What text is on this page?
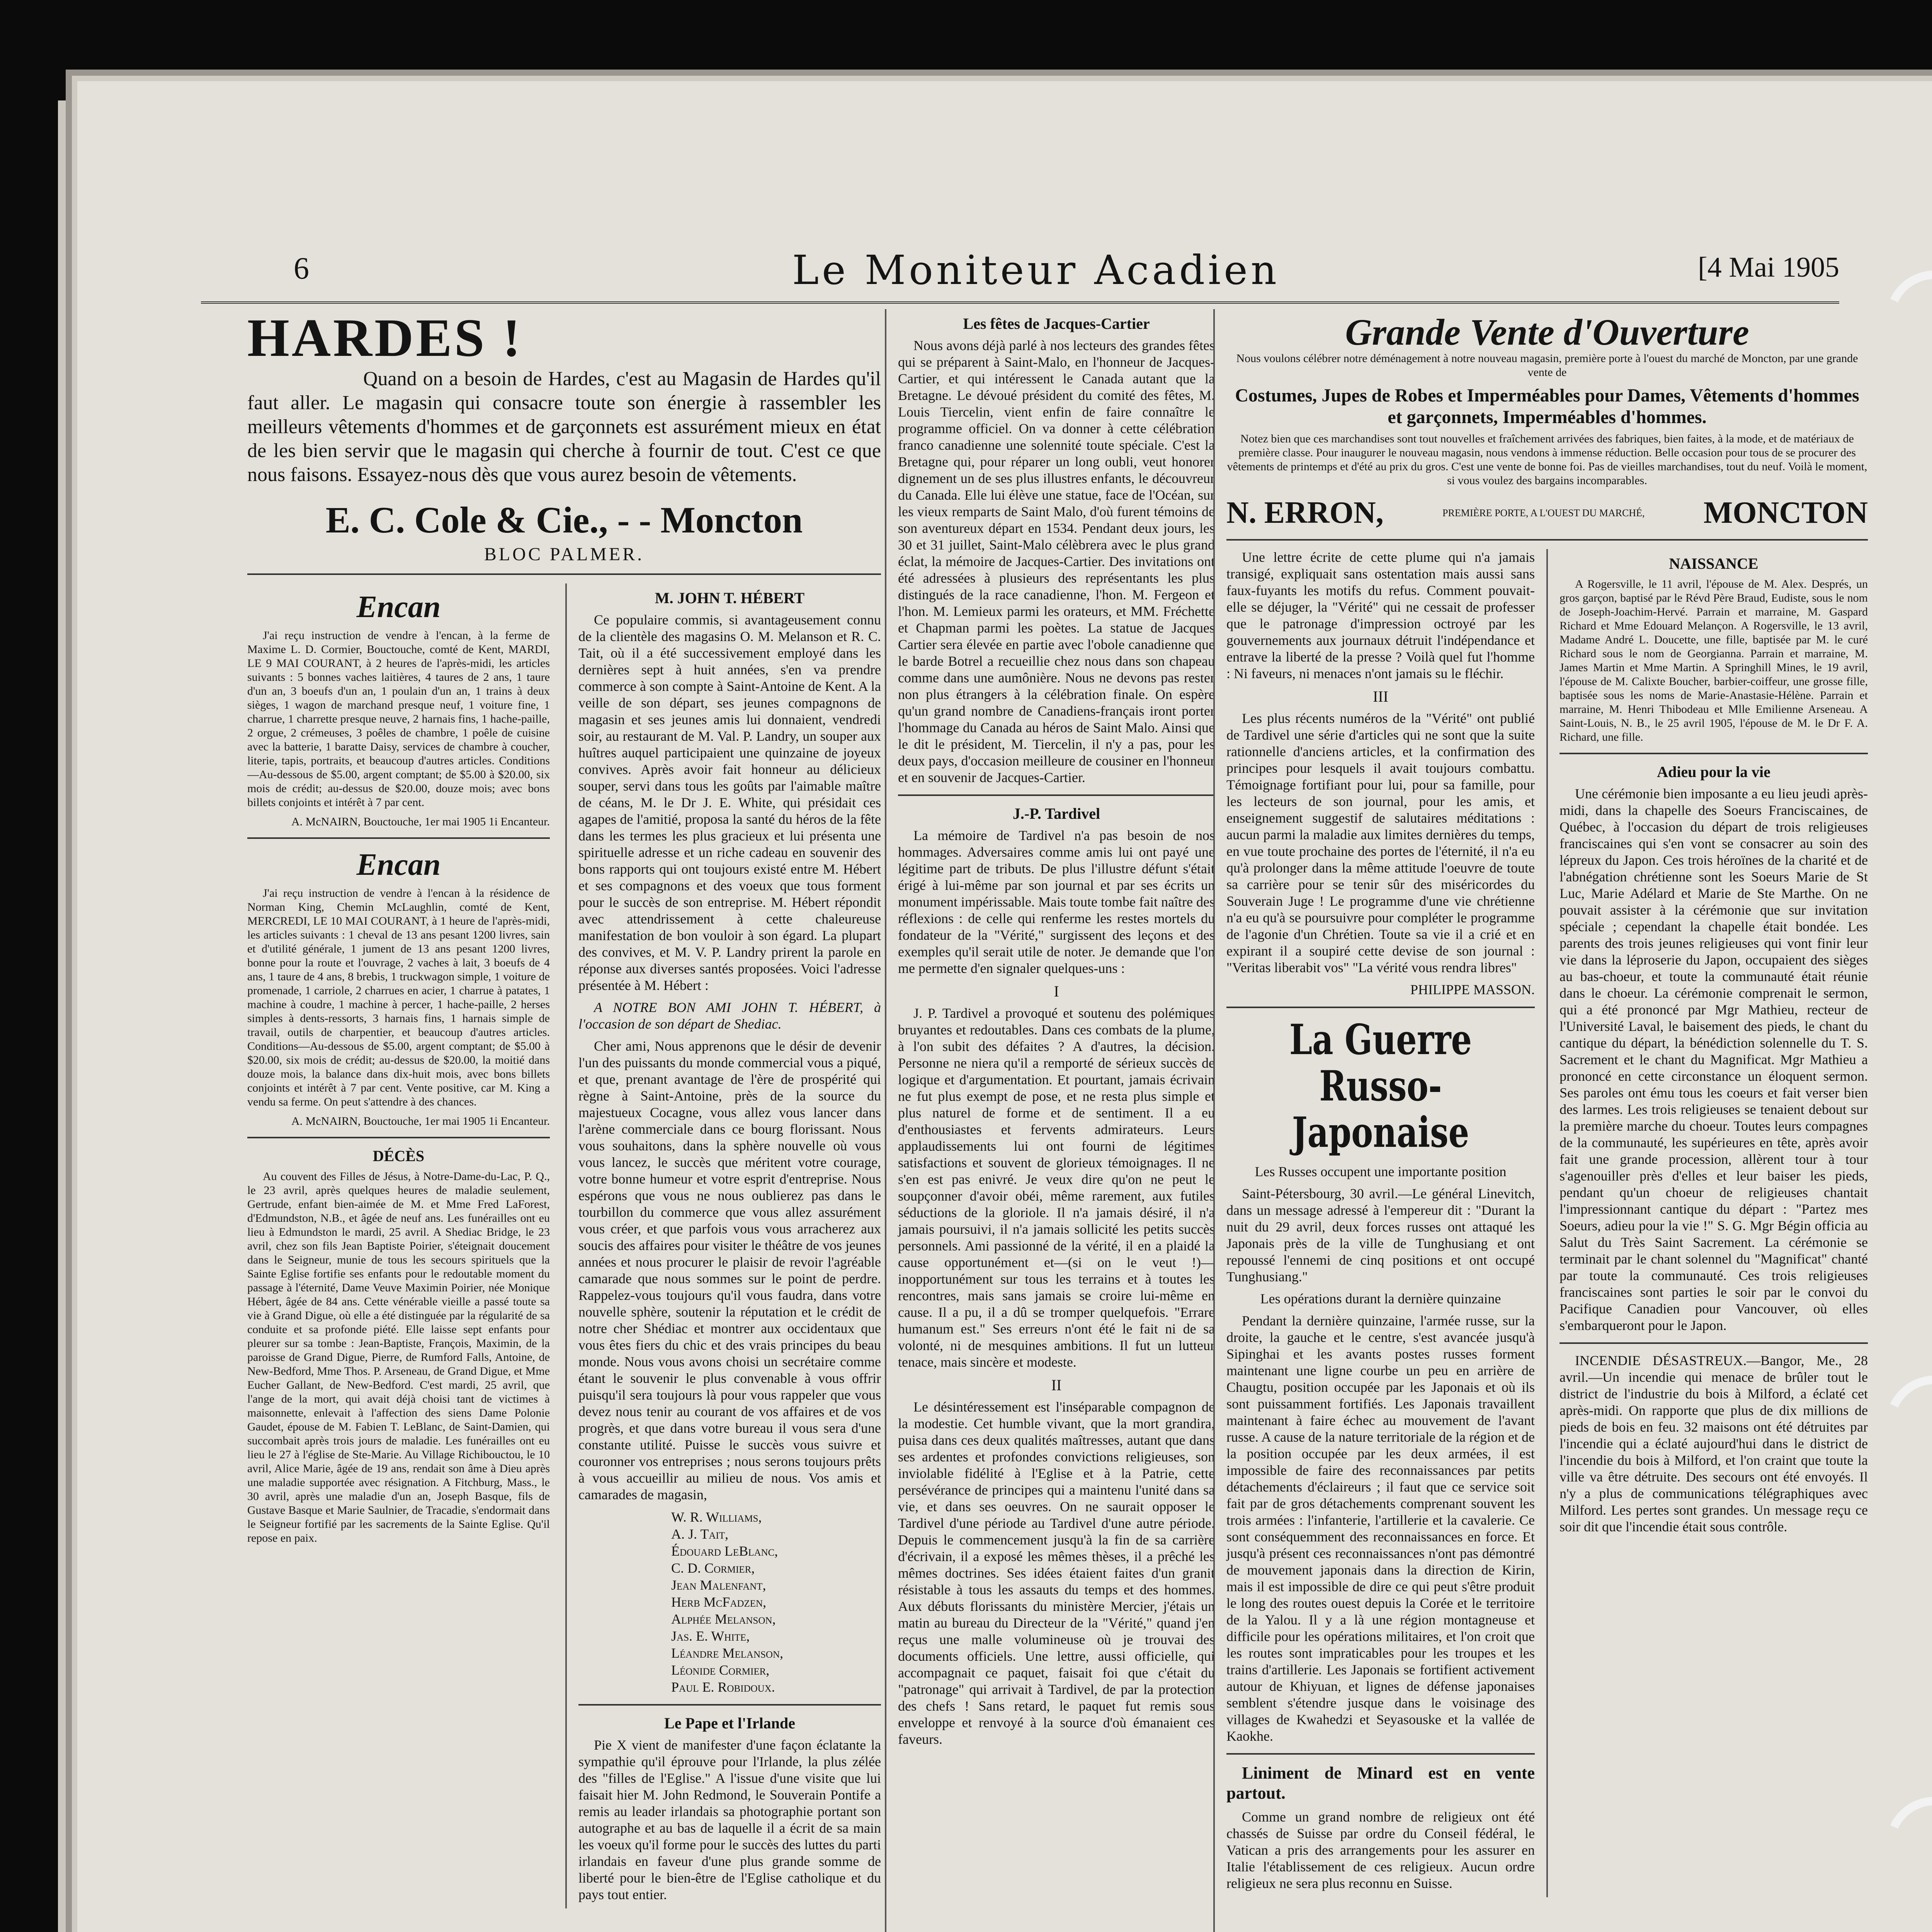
6	Le Moniteur Acadien	[4 Mai 1905
HARDES !

Quand on a besoin de Hardes, c'est au Magasin de Hardes qu'il faut aller. Le magasin qui consacre toute son énergie à rassembler les meilleurs vêtements d'hommes et de garçonnets est assurément mieux en état de les bien servir que le magasin qui cherche à fournir de tout. C'est ce que nous faisons. Essayez-nous dès que vous aurez besoin de vêtements.

E. C. Cole & Cie., - - Moncton
BLOC PALMER.
Encan

J'ai reçu instruction de vendre à l'encan, à la ferme de Maxime L. D. Cormier, Bouctouche, comté de Kent, MARDI, LE 9 MAI COURANT, à 2 heures de l'après-midi, les articles suivants : 5 bonnes vaches laitières, 4 taures de 2 ans, 1 taure d'un an, 3 boeufs d'un an, 1 poulain d'un an, 1 trains à deux sièges, 1 wagon de marchand presque neuf, 1 voiture fine, 1 charrue, 1 charrette presque neuve, 2 harnais fins, 1 hache-paille, 2 orgue, 2 crémeuses, 3 poêles de chambre, 1 poêle de cuisine avec la batterie, 1 baratte Daisy, services de chambre à coucher, literie, tapis, portraits, et beaucoup d'autres articles. Conditions—Au-dessous de $5.00, argent comptant; de $5.00 à $20.00, six mois de crédit; au-dessus de $20.00, douze mois; avec bons billets conjoints et intérêt à 7 par cent.

A. McNAIRN, Bouctouche, 1er mai 1905 1i Encanteur.

Encan

J'ai reçu instruction de vendre à l'encan à la résidence de Norman King, Chemin McLaughlin, comté de Kent, MERCREDI, LE 10 MAI COURANT, à 1 heure de l'après-midi, les articles suivants : 1 cheval de 13 ans pesant 1200 livres, sain et d'utilité générale, 1 jument de 13 ans pesant 1200 livres, bonne pour la route et l'ouvrage, 2 vaches à lait, 3 boeufs de 4 ans, 1 taure de 4 ans, 8 brebis, 1 truckwagon simple, 1 voiture de promenade, 1 carriole, 2 charrues en acier, 1 charrue à patates, 1 machine à coudre, 1 machine à percer, 1 hache-paille, 2 herses simples à dents-ressorts, 3 harnais fins, 1 harnais simple de travail, outils de charpentier, et beaucoup d'autres articles. Conditions—Au-dessous de $5.00, argent comptant; de $5.00 à $20.00, six mois de crédit; au-dessus de $20.00, la moitié dans douze mois, la balance dans dix-huit mois, avec bons billets conjoints et intérêt à 7 par cent. Vente positive, car M. King a vendu sa ferme. On peut s'attendre à des chances.

A. McNAIRN, Bouctouche, 1er mai 1905 1i Encanteur.

DÉCÈS

Au couvent des Filles de Jésus, à Notre-Dame-du-Lac, P. Q., le 23 avril, après quelques heures de maladie seulement, Gertrude, enfant bien-aimée de M. et Mme Fred LaForest, d'Edmundston, N.B., et âgée de neuf ans. Les funérailles ont eu lieu à Edmundston le mardi, 25 avril. A Shediac Bridge, le 23 avril, chez son fils Jean Baptiste Poirier, s'éteignait doucement dans le Seigneur, munie de tous les secours spirituels que la Sainte Eglise fortifie ses enfants pour le redoutable moment du passage à l'éternité, Dame Veuve Maximin Poirier, née Monique Hébert, âgée de 84 ans. Cette vénérable vieille a passé toute sa vie à Grand Digue, où elle a été distinguée par la régularité de sa conduite et sa profonde piété. Elle laisse sept enfants pour pleurer sur sa tombe : Jean-Baptiste, François, Maximin, de la paroisse de Grand Digue, Pierre, de Rumford Falls, Antoine, de New-Bedford, Mme Thos. P. Arseneau, de Grand Digue, et Mme Eucher Gallant, de New-Bedford. C'est mardi, 25 avril, que l'ange de la mort, qui avait déjà choisi tant de victimes à maisonnette, enlevait à l'affection des siens Dame Polonie Gaudet, épouse de M. Fabien T. LeBlanc, de Saint-Damien, qui succombait après trois jours de maladie. Les funérailles ont eu lieu le 27 à l'église de Ste-Marie. Au Village Richibouctou, le 10 avril, Alice Marie, âgée de 19 ans, rendait son âme à Dieu après une maladie supportée avec résignation. A Fitchburg, Mass., le 30 avril, après une maladie d'un an, Joseph Basque, fils de Gustave Basque et Marie Saulnier, de Tracadie, s'endormait dans le Seigneur fortifié par les sacrements de la Sainte Eglise. Qu'il repose en paix.

M. JOHN T. HÉBERT

Ce populaire commis, si avantageusement connu de la clientèle des magasins O. M. Melanson et R. C. Tait, où il a été successivement employé dans les dernières sept à huit années, s'en va prendre commerce à son compte à Saint-Antoine de Kent. A la veille de son départ, ses jeunes compagnons de magasin et ses jeunes amis lui donnaient, vendredi soir, au restaurant de M. Val. P. Landry, un souper aux huîtres auquel participaient une quinzaine de joyeux convives. Après avoir fait honneur au délicieux souper, servi dans tous les goûts par l'aimable maître de céans, M. le Dr J. E. White, qui présidait ces agapes de l'amitié, proposa la santé du héros de la fête dans les termes les plus gracieux et lui présenta une spirituelle adresse et un riche cadeau en souvenir des bons rapports qui ont toujours existé entre M. Hébert et ses compagnons et des voeux que tous forment pour le succès de son entreprise. M. Hébert répondit avec attendrissement à cette chaleureuse manifestation de bon vouloir à son égard. La plupart des convives, et M. V. P. Landry prirent la parole en réponse aux diverses santés proposées. Voici l'adresse présentée à M. Hébert :

A NOTRE BON AMI JOHN T. HÉBERT, à l'occasion de son départ de Shediac.

Cher ami, Nous apprenons que le désir de devenir l'un des puissants du monde commercial vous a piqué, et que, prenant avantage de l'ère de prospérité qui règne à Saint-Antoine, près de la source du majestueux Cocagne, vous allez vous lancer dans l'arène commerciale dans ce bourg florissant. Nous vous souhaitons, dans la sphère nouvelle où vous vous lancez, le succès que méritent votre courage, votre bonne humeur et votre esprit d'entreprise. Nous espérons que vous ne nous oublierez pas dans le tourbillon du commerce que vous allez assurément vous créer, et que parfois vous vous arracherez aux soucis des affaires pour visiter le théâtre de vos jeunes années et nous procurer le plaisir de revoir l'agréable camarade que nous sommes sur le point de perdre. Rappelez-vous toujours qu'il vous faudra, dans votre nouvelle sphère, soutenir la réputation et le crédit de notre cher Shédiac et montrer aux occidentaux que vous êtes fiers du chic et des vrais principes du beau monde. Nous vous avons choisi un secrétaire comme étant le souvenir le plus convenable à vous offrir puisqu'il sera toujours là pour vous rappeler que vous devez nous tenir au courant de vos affaires et de vos progrès, et que dans votre bureau il vous sera d'une constante utilité. Puisse le succès vous suivre et couronner vos entreprises ; nous serons toujours prêts à vous accueillir au milieu de nous. Vos amis et camarades de magasin,

W. R. Williams,
A. J. Tait,
Édouard LeBlanc,
C. D. Cormier,
Jean Malenfant,
Herb McFadzen,
Alphée Melanson,
Jas. E. White,
Léandre Melanson,
Léonide Cormier,
Paul E. Robidoux.
Le Pape et l'Irlande

Pie X vient de manifester d'une façon éclatante la sympathie qu'il éprouve pour l'Irlande, la plus zélée des "filles de l'Eglise." A l'issue d'une visite que lui faisait hier M. John Redmond, le Souverain Pontife a remis au leader irlandais sa photographie portant son autographe et au bas de laquelle il a écrit de sa main les voeux qu'il forme pour le succès des luttes du parti irlandais en faveur d'une plus grande somme de liberté pour le bien-être de l'Eglise catholique et du pays tout entier.

Les fêtes de Jacques-Cartier

Nous avons déjà parlé à nos lecteurs des grandes fêtes qui se préparent à Saint-Malo, en l'honneur de Jacques-Cartier, et qui intéressent le Canada autant que la Bretagne. Le dévoué président du comité des fêtes, M. Louis Tiercelin, vient enfin de faire connaître le programme officiel. On va donner à cette célébration franco canadienne une solennité toute spéciale. C'est la Bretagne qui, pour réparer un long oubli, veut honorer dignement un de ses plus illustres enfants, le découvreur du Canada. Elle lui élève une statue, face de l'Océan, sur les vieux remparts de Saint Malo, d'où furent témoins de son aventureux départ en 1534. Pendant deux jours, les 30 et 31 juillet, Saint-Malo célèbrera avec le plus grand éclat, la mémoire de Jacques-Cartier. Des invitations ont été adressées à plusieurs des représentants les plus distingués de la race canadienne, l'hon. M. Fergeon et l'hon. M. Lemieux parmi les orateurs, et MM. Fréchette et Chapman parmi les poètes. La statue de Jacques Cartier sera élevée en partie avec l'obole canadienne que le barde Botrel a recueillie chez nous dans son chapeau comme dans une aumônière. Nous ne devons pas rester non plus étrangers à la célébration finale. On espère qu'un grand nombre de Canadiens-français iront porter l'hommage du Canada au héros de Saint Malo. Ainsi que le dit le président, M. Tiercelin, il n'y a pas, pour les deux pays, d'occasion meilleure de cousiner en l'honneur et en souvenir de Jacques-Cartier.

J.-P. Tardivel

La mémoire de Tardivel n'a pas besoin de nos hommages. Adversaires comme amis lui ont payé une légitime part de tributs. De plus l'illustre défunt s'était érigé à lui-même par son journal et par ses écrits un monument impérissable. Mais toute tombe fait naître des réflexions : de celle qui renferme les restes mortels du fondateur de la "Vérité," surgissent des leçons et des exemples qu'il serait utile de noter. Je demande que l'on me permette d'en signaler quelques-uns :

I

J. P. Tardivel a provoqué et soutenu des polémiques bruyantes et redoutables. Dans ces combats de la plume, à l'on subit des défaites ? A d'autres, la décision. Personne ne niera qu'il a remporté de sérieux succès de logique et d'argumentation. Et pourtant, jamais écrivain ne fut plus exempt de pose, et ne resta plus simple et plus naturel de forme et de sentiment. Il a eu d'enthousiastes et fervents admirateurs. Leurs applaudissements lui ont fourni de légitimes satisfactions et souvent de glorieux témoignages. Il ne s'en est pas enivré. Je veux dire qu'on ne peut le soupçonner d'avoir obéi, même rarement, aux futiles séductions de la gloriole. Il n'a jamais désiré, il n'a jamais poursuivi, il n'a jamais sollicité les petits succès personnels. Ami passionné de la vérité, il en a plaidé la cause opportunément et—(si on le veut !)—inopportunément sur tous les terrains et à toutes les rencontres, mais sans jamais se croire lui-même en cause. Il a pu, il a dû se tromper quelquefois. "Errare humanum est." Ses erreurs n'ont été le fait ni de sa volonté, ni de mesquines ambitions. Il fut un lutteur tenace, mais sincère et modeste.

II

Le désintéressement est l'inséparable compagnon de la modestie. Cet humble vivant, que la mort grandira, puisa dans ces deux qualités maîtresses, autant que dans ses ardentes et profondes convictions religieuses, son inviolable fidélité à l'Eglise et à la Patrie, cette persévérance de principes qui a maintenu l'unité dans sa vie, et dans ses oeuvres. On ne saurait opposer le Tardivel d'une période au Tardivel d'une autre période. Depuis le commencement jusqu'à la fin de sa carrière d'écrivain, il a exposé les mêmes thèses, il a prêché les mêmes doctrines. Ses idées étaient faites d'un granit résistable à tous les assauts du temps et des hommes. Aux débuts florissants du ministère Mercier, j'étais un matin au bureau du Directeur de la "Vérité," quand j'en reçus une malle volumineuse où je trouvai des documents officiels. Une lettre, aussi officielle, qui accompagnait ce paquet, faisait foi que c'était du "patronage" qui arrivait à Tardivel, de par la protection des chefs ! Sans retard, le paquet fut remis sous enveloppe et renvoyé à la source d'où émanaient ces faveurs.

Grande Vente d'Ouverture

Nous voulons célébrer notre déménagement à notre nouveau magasin, première porte à l'ouest du marché de Moncton, par une grande vente de

Costumes, Jupes de Robes et Imperméables pour Dames, Vêtements d'hommes et garçonnets, Imperméables d'hommes.

Notez bien que ces marchandises sont tout nouvelles et fraîchement arrivées des fabriques, bien faites, à la mode, et de matériaux de première classe. Pour inaugurer le nouveau magasin, nous vendons à immense réduction. Belle occasion pour tous de se procurer des vêtements de printemps et d'été au prix du gros. C'est une vente de bonne foi. Pas de vieilles marchandises, tout du neuf. Voilà le moment, si vous voulez des bargains incomparables.

N. ERRON,	PREMIÈRE PORTE, A L'OUEST DU MARCHÉ, MONCTON

Une lettre écrite de cette plume qui n'a jamais transigé, expliquait sans ostentation mais aussi sans faux-fuyants les motifs du refus. Comment pouvait-elle se déjuger, la "Vérité" qui ne cessait de professer que le patronage d'impression octroyé par les gouvernements aux journaux détruit l'indépendance et entrave la liberté de la presse ? Voilà quel fut l'homme : Ni faveurs, ni menaces n'ont jamais su le fléchir.

III

Les plus récents numéros de la "Vérité" ont publié de Tardivel une série d'articles qui ne sont que la suite rationnelle d'anciens articles, et la confirmation des principes pour lesquels il avait toujours combattu. Témoignage fortifiant pour lui, pour sa famille, pour les lecteurs de son journal, pour les amis, et enseignement suggestif de salutaires méditations : aucun parmi la maladie aux limites dernières du temps, en vue toute prochaine des portes de l'éternité, il n'a eu qu'à prolonger dans la même attitude l'oeuvre de toute sa carrière pour se tenir sûr des miséricordes du Souverain Juge ! Le programme d'une vie chrétienne n'a eu qu'à se poursuivre pour compléter le programme de l'agonie d'un Chrétien. Toute sa vie il a crié et en expirant il a soupiré cette devise de son journal : "Veritas liberabit vos" "La vérité vous rendra libres"

PHILIPPE MASSON.

La Guerre Russo-Japonaise

Les Russes occupent une importante position

Saint-Pétersbourg, 30 avril.—Le général Linevitch, dans un message adressé à l'empereur dit : "Durant la nuit du 29 avril, deux forces russes ont attaqué les Japonais près de la ville de Tunghusiang et ont repoussé l'ennemi de cinq positions et ont occupé Tunghusiang."

Les opérations durant la dernière quinzaine

Pendant la dernière quinzaine, l'armée russe, sur la droite, la gauche et le centre, s'est avancée jusqu'à Sipinghai et les avants postes russes forment maintenant une ligne courbe un peu en arrière de Chaugtu, position occupée par les Japonais et où ils sont puissamment fortifiés. Les Japonais travaillent maintenant à faire échec au mouvement de l'avant russe. A cause de la nature territoriale de la région et de la position occupée par les deux armées, il est impossible de faire des reconnaissances par petits détachements d'éclaireurs ; il faut que ce service soit fait par de gros détachements comprenant souvent les trois armées : l'infanterie, l'artillerie et la cavalerie. Ce sont conséquemment des reconnaissances en force. Et jusqu'à présent ces reconnaissances n'ont pas démontré de mouvement japonais dans la direction de Kirin, mais il est impossible de dire ce qui peut s'être produit le long des routes ouest depuis la Corée et le territoire de la Yalou. Il y a là une région montagneuse et difficile pour les opérations militaires, et l'on croit que les routes sont impraticables pour les troupes et les trains d'artillerie. Les Japonais se fortifient activement autour de Khiyuan, et lignes de défense japonaises semblent s'étendre jusque dans le voisinage des villages de Kwahedzi et Seyasouske et la vallée de Kaokhe.

Liniment de Minard est en vente partout.

Comme un grand nombre de religieux ont été chassés de Suisse par ordre du Conseil fédéral, le Vatican a pris des arrangements pour les assurer en Italie l'établissement de ces religieux. Aucun ordre religieux ne sera plus reconnu en Suisse.

NAISSANCE

A Rogersville, le 11 avril, l'épouse de M. Alex. Després, un gros garçon, baptisé par le Révd Père Braud, Eudiste, sous le nom de Joseph-Joachim-Hervé. Parrain et marraine, M. Gaspard Richard et Mme Edouard Melançon. A Rogersville, le 13 avril, Madame André L. Doucette, une fille, baptisée par M. le curé Richard sous le nom de Georgianna. Parrain et marraine, M. James Martin et Mme Martin. A Springhill Mines, le 19 avril, l'épouse de M. Calixte Boucher, barbier-coiffeur, une grosse fille, baptisée sous les noms de Marie-Anastasie-Hélène. Parrain et marraine, M. Henri Thibodeau et Mlle Emilienne Arseneau. A Saint-Louis, N. B., le 25 avril 1905, l'épouse de M. le Dr F. A. Richard, une fille.

Adieu pour la vie

Une cérémonie bien imposante a eu lieu jeudi après-midi, dans la chapelle des Soeurs Franciscaines, de Québec, à l'occasion du départ de trois religieuses franciscaines qui s'en vont se consacrer au soin des lépreux du Japon. Ces trois héroïnes de la charité et de l'abnégation chrétienne sont les Soeurs Marie de St Luc, Marie Adélard et Marie de Ste Marthe. On ne pouvait assister à la cérémonie que sur invitation spéciale ; cependant la chapelle était bondée. Les parents des trois jeunes religieuses qui vont finir leur vie dans la léproserie du Japon, occupaient des sièges au bas-choeur, et toute la communauté était réunie dans le choeur. La cérémonie comprenait le sermon, qui a été prononcé par Mgr Mathieu, recteur de l'Université Laval, le baisement des pieds, le chant du cantique du départ, la bénédiction solennelle du T. S. Sacrement et le chant du Magnificat. Mgr Mathieu a prononcé en cette circonstance un éloquent sermon. Ses paroles ont ému tous les coeurs et fait verser bien des larmes. Les trois religieuses se tenaient debout sur la première marche du choeur. Toutes leurs compagnes de la communauté, les supérieures en tête, après avoir fait une grande procession, allèrent tour à tour s'agenouiller près d'elles et leur baiser les pieds, pendant qu'un choeur de religieuses chantait l'impressionnant cantique du départ : "Partez mes Soeurs, adieu pour la vie !" S. G. Mgr Bégin officia au Salut du Très Saint Sacrement. La cérémonie se terminait par le chant solennel du "Magnificat" chanté par toute la communauté. Ces trois religieuses franciscaines sont parties le soir par le convoi du Pacifique Canadien pour Vancouver, où elles s'embarqueront pour le Japon.

INCENDIE DÉSASTREUX.—Bangor, Me., 28 avril.—Un incendie qui menace de brûler tout le district de l'industrie du bois à Milford, a éclaté cet après-midi. On rapporte que plus de dix millions de pieds de bois en feu. 32 maisons ont été détruites par l'incendie qui a éclaté aujourd'hui dans le district de l'incendie du bois à Milford, et l'on craint que toute la ville va être détruite. Des secours ont été envoyés. Il n'y a plus de communications télégraphiques avec Milford. Les pertes sont grandes. Un message reçu ce soir dit que l'incendie était sous contrôle.
